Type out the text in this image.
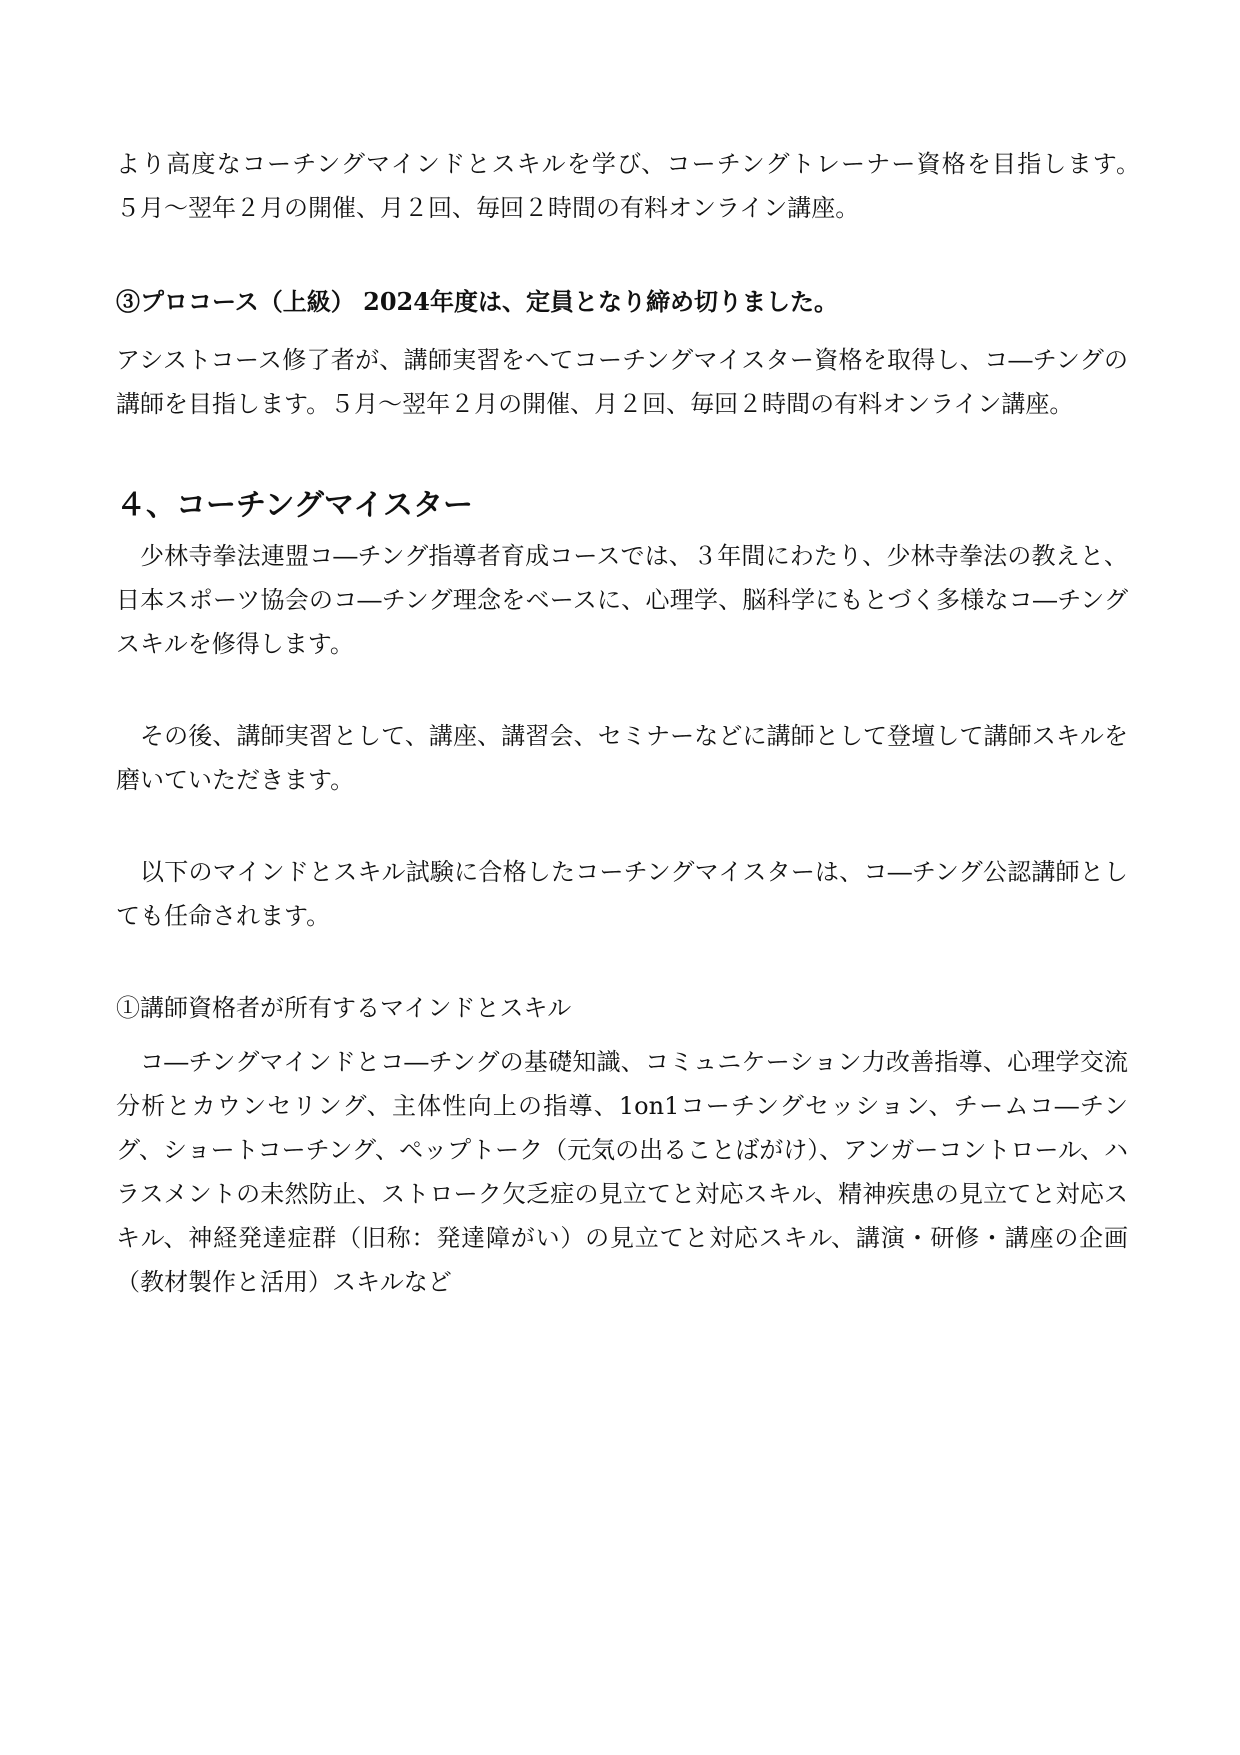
より高度なコーチングマインドとスキルを学び、コーチングトレーナー資格を目指します。　５月〜翌年２月の開催、月２回、毎回２時間の有料オンライン講座。

③プロコース（上級） 2024年度は、定員となり締め切りました。

アシストコース修了者が、講師実習をへてコーチングマイスター資格を取得し、コ―チングの講師を目指します。５月〜翌年２月の開催、月２回、毎回２時間の有料オンライン講座。

４、コーチングマイスター

少林寺拳法連盟コ―チング指導者育成コースでは、３年間にわたり、少林寺拳法の教えと、日本スポーツ協会のコ―チング理念をベースに、心理学、脳科学にもとづく多様なコ―チングスキルを修得します。

その後、講師実習として、講座、講習会、セミナーなどに講師として登壇して講師スキルを磨いていただきます。

以下のマインドとスキル試験に合格したコーチングマイスターは、コ―チング公認講師としても任命されます。

①講師資格者が所有するマインドとスキル

コ―チングマインドとコ―チングの基礎知識、コミュニケーション力改善指導、心理学交流分析とカウンセリング、主体性向上の指導、1on1コーチングセッション、チームコ―チング、ショートコーチング、ペップトーク（元気の出ることばがけ）、アンガーコントロール、ハラスメントの未然防止、ストローク欠乏症の見立てと対応スキル、精神疾患の見立てと対応スキル、神経発達症群（旧称：発達障がい）の見立てと対応スキル、講演・研修・講座の企画（教材製作と活用）スキルなど
